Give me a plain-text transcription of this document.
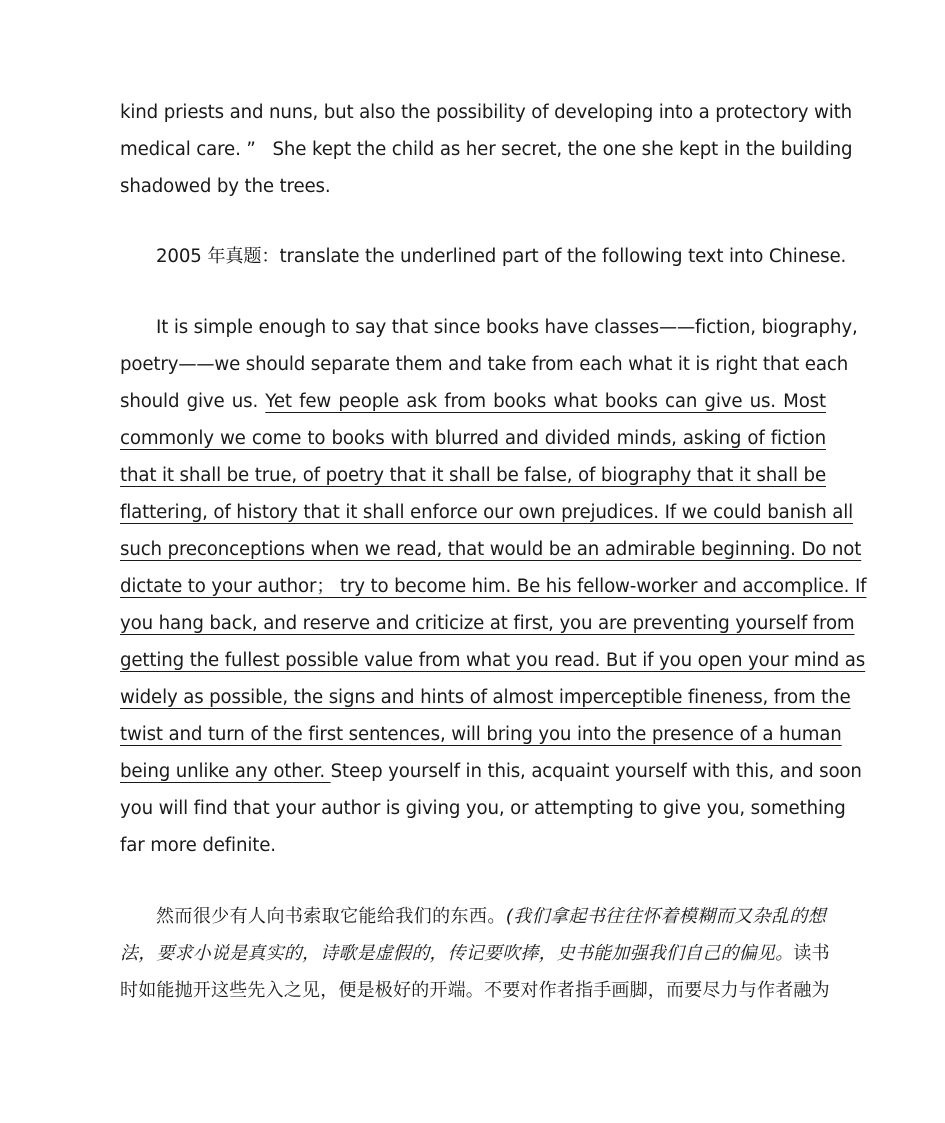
kind priests and nuns, but also the possibility of developing into a protectory with
medical care. ”   She kept the child as her secret, the one she kept in the building
shadowed by the trees.
2005 年真题：translate the underlined part of the following text into Chinese.
It is simple enough to say that since books have classes——fiction, biography,
poetry——we should separate them and take from each what it is right that each
should give us. Yet few people ask from books what books can give us. Most
commonly we come to books with blurred and divided minds, asking of fiction
that it shall be true, of poetry that it shall be false, of biography that it shall be
flattering, of history that it shall enforce our own prejudices. If we could banish all
such preconceptions when we read, that would be an admirable beginning. Do not
dictate to your author； try to become him. Be his fellow-worker and accomplice. If
you hang back, and reserve and criticize at first, you are preventing yourself from
getting the fullest possible value from what you read. But if you open your mind as
widely as possible, the signs and hints of almost imperceptible fineness, from the
twist and turn of the first sentences, will bring you into the presence of a human
being unlike any other. Steep yourself in this, acquaint yourself with this, and soon
you will find that your author is giving you, or attempting to give you, something
far more definite.
然而很少有人向书索取它能给我们的东西。(我们拿起书往往怀着模糊而又杂乱的想
法，要求小说是真实的，诗歌是虚假的，传记要吹捧，史书能加强我们自己的偏见。读书
时如能抛开这些先入之见，便是极好的开端。不要对作者指手画脚，而要尽力与作者融为
